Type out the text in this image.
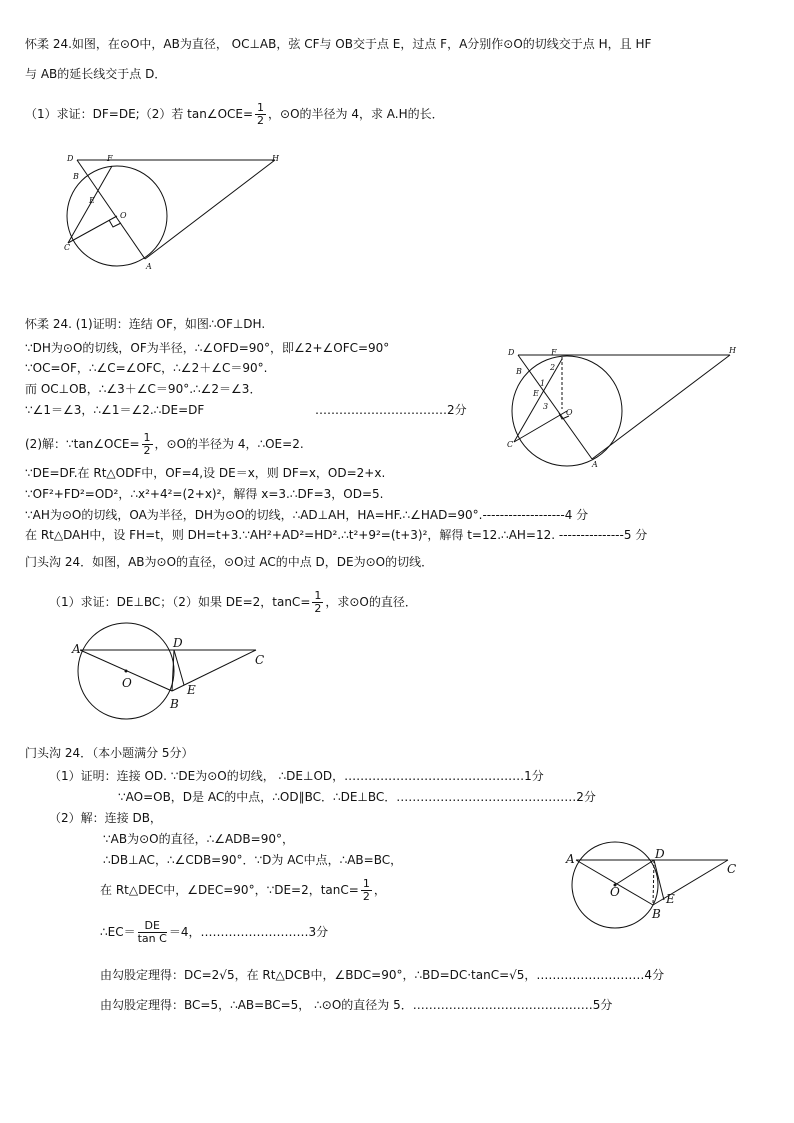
怀柔 24.如图，在⊙O中，AB为直径， OC⊥AB，弦 CF与 OB交于点 E，过点 F，A分别作⊙O的切线交于点 H，且 HF
与 AB的延长线交于点 D．
（1）求证：DF=DE;（2）若 tan∠OCE= $\frac{1}{2}$ ，⊙O的半径为 4，求 A.H的长．
D	F	H
B
E
O
C
A
怀柔 24. (1)证明：连结 OF，如图∴OF⊥DH.
∵DH为⊙O的切线，OF为半径，∴∠OFD=90°，即∠2+∠OFC=90°
∵OC=OF，∴∠C=∠OFC，∴∠2＋∠C＝90°.
而 OC⊥OB，∴∠3＋∠C＝90°.∴∠2＝∠3．
∵∠1＝∠3，∴∠1＝∠2.∴DE=DF	……………………………2分
(2)解：∵tan∠OCE= $\frac{1}{2}$ ，⊙O的半径为 4，∴OE=2.
∵DE=DF.在 Rt△ODF中，OF=4,设 DE＝x，则 DF=x，OD=2+x.
∵OF²+FD²=OD²，∴x²+4²=(2+x)²，解得 x=3.∴DF=3，OD=5.
∵AH为⊙O的切线，OA为半径，DH为⊙O的切线，∴AD⊥AH，HA=HF.∴∠HAD=90°.-------------------4 分
在 Rt△DAH中，设 FH=t，则 DH=t+3.∵AH²+AD²=HD².∴t²+9²=(t+3)²，解得 t=12.∴AH=12. ---------------5 分
D	F	H
B
1
2
E
3
O
C
A
门头沟 24．如图，AB为⊙O的直径，⊙O过 AC的中点 D，DE为⊙O的切线．
（1）求证：DE⊥BC；（2）如果 DE=2，$\tan C= \frac{1}{2}$ ，求⊙O的直径．
A	D
C
O	E
B
门头沟 24．（本小题满分 5分）
（1）证明：连接 OD. ∵DE为⊙O的切线， ∴DE⊥OD，………………………………………1分
∵AO=OB，D是 AC的中点，∴OD∥BC．∴DE⊥BC．………………………………………2分
（2）解：连接 DB，
∵AB为⊙O的直径，∴∠ADB=90°，
∴DB⊥AC，∴∠CDB=90°．∵D为 AC中点，∴AB=BC，
在 Rt△DEC中，∠DEC=90°，∵DE=2，$\tan C= \frac{1}{2}$ ，
∴EC＝ $\frac{DE}{\text{tan C}} =4$，………………………3分
由勾股定理得：DC=2√5，在 Rt△DCB中，∠BDC=90°，∴BD=DC·tanC=√5，………………………4分
由勾股定理得：BC=5，∴AB=BC=5， ∴⊙O的直径为 5．………………………………………5分
A	D
C
O	E
B
